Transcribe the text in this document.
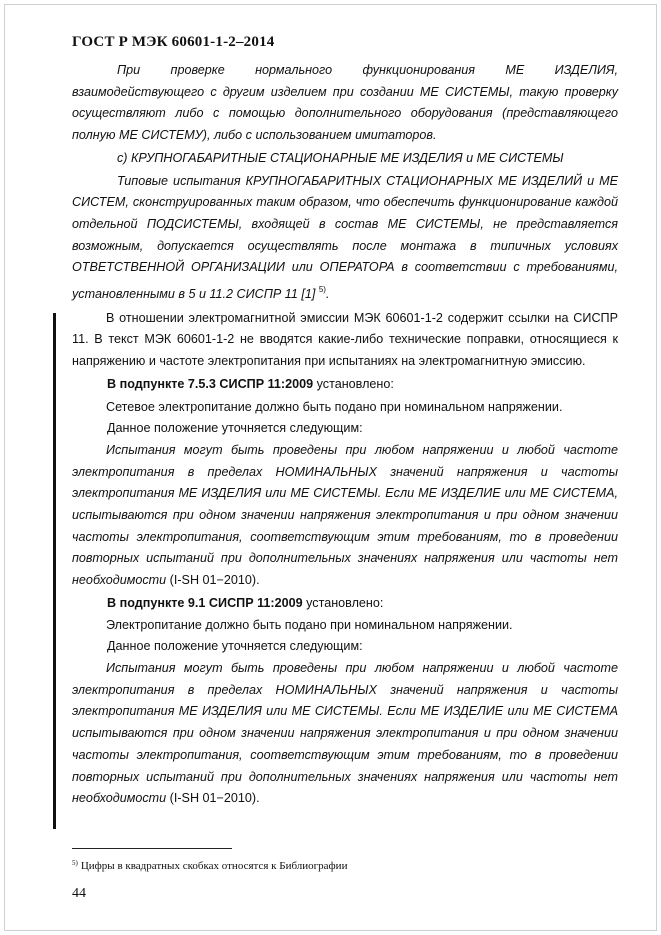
ГОСТ Р МЭК 60601-1-2–2014

При проверке нормального функционирования МЕ ИЗДЕЛИЯ, взаимодействующего с другим изделием при создании МЕ СИСТЕМЫ, такую проверку осуществляют либо с помощью дополнительного оборудования (представляющего полную МЕ СИСТЕМУ), либо с использованием имитаторов.

с) КРУПНОГАБАРИТНЫЕ СТАЦИОНАРНЫЕ МЕ ИЗДЕЛИЯ и МЕ СИСТЕМЫ

Типовые испытания КРУПНОГАБАРИТНЫХ СТАЦИОНАРНЫХ МЕ ИЗДЕЛИЙ и МЕ СИСТЕМ, сконструированных таким образом, что обеспечить функционирование каждой отдельной ПОДСИСТЕМЫ, входящей в состав МЕ СИСТЕМЫ, не представляется возможным, допускается осуществлять после монтажа в типичных условиях ОТВЕТСТВЕННОЙ ОРГАНИЗАЦИИ или ОПЕРАТОРА в соответствии с требованиями, установленными в 5 и 11.2 СИСПР 11 [1] $^{5)}$.

В отношении электромагнитной эмиссии МЭК 60601-1-2 содержит ссылки на СИСПР 11. В текст МЭК 60601-1-2 не вводятся какие-либо технические поправки, относящиеся к напряжению и частоте электропитания при испытаниях на электромагнитную эмиссию.

В подпункте 7.5.3 СИСПР 11:2009 установлено:

Сетевое электропитание должно быть подано при номинальном напряжении.

Данное положение уточняется следующим:

Испытания могут быть проведены при любом напряжении и любой частоте электропитания в пределах НОМИНАЛЬНЫХ значений напряжения и частоты электропитания МЕ ИЗДЕЛИЯ или МЕ СИСТЕМЫ. Если МЕ ИЗДЕЛИЕ или МЕ СИСТЕМА, испытываются при одном значении напряжения электропитания и при одном значении частоты электропитания, соответствующим этим требованиям, то в проведении повторных испытаний при дополнительных значениях напряжения или частоты нет необходимости (I-SH 01−2010).

В подпункте 9.1 СИСПР 11:2009 установлено:

Электропитание должно быть подано при номинальном напряжении.

Данное положение уточняется следующим:

Испытания могут быть проведены при любом напряжении и любой частоте электропитания в пределах НОМИНАЛЬНЫХ значений напряжения и частоты электропитания МЕ ИЗДЕЛИЯ или МЕ СИСТЕМЫ. Если МЕ ИЗДЕЛИЕ или МЕ СИСТЕМА испытываются при одном значении напряжения электропитания и при одном значении частоты электропитания, соответствующим этим требованиям, то в проведении повторных испытаний при дополнительных значениях напряжения или частоты нет необходимости (I-SH 01−2010).

$^{5)}$ Цифры в квадратных скобках относятся к Библиографии
44
